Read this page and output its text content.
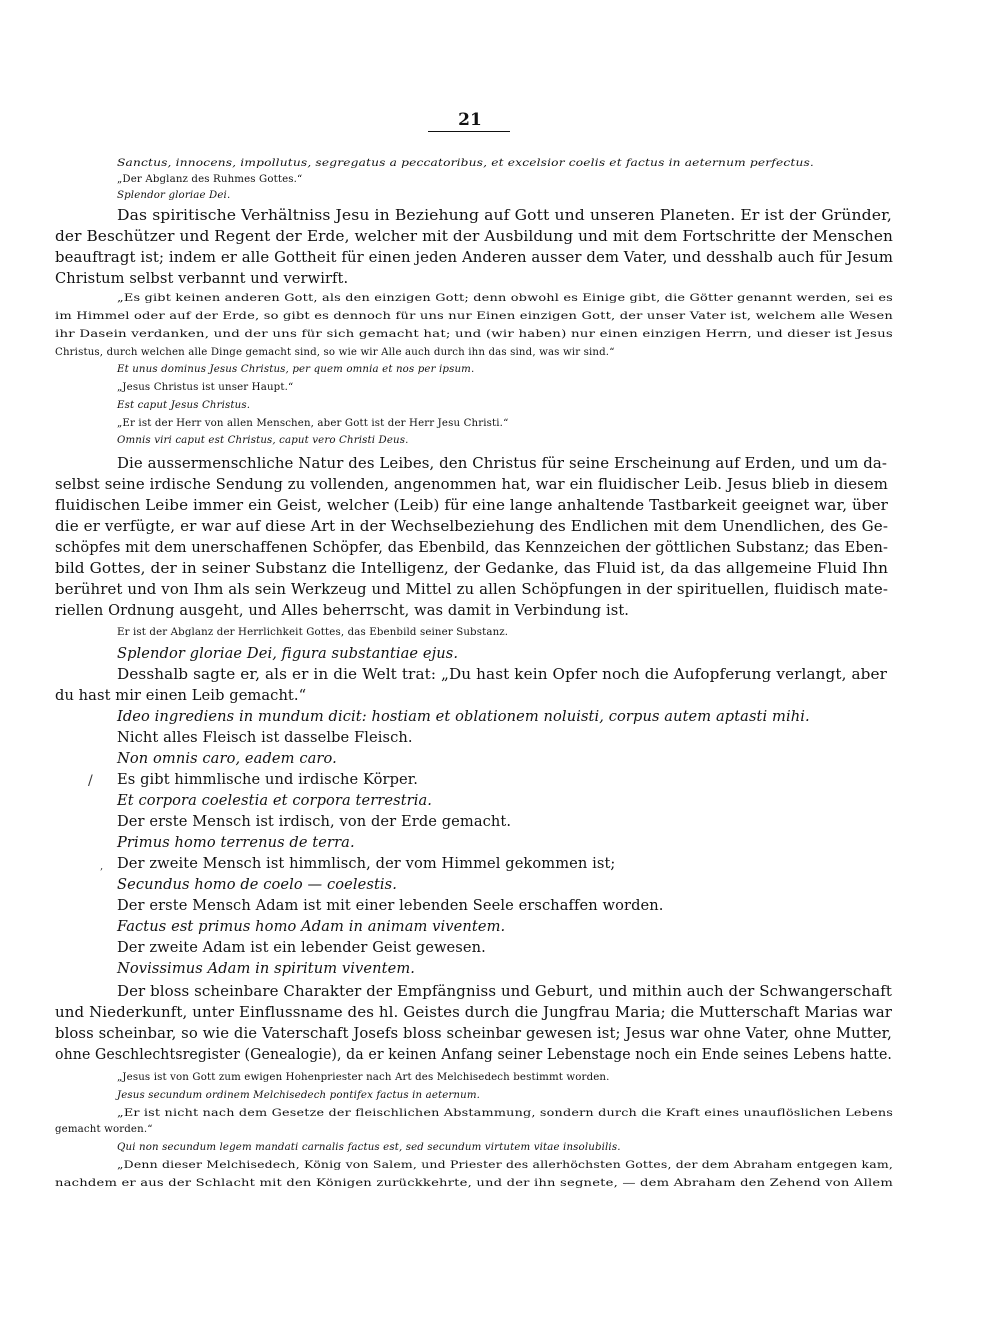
21
Sanctus, innocens, impollutus, segregatus a peccatoribus, et excelsior coelis et factus in aeternum perfectus.
„Der Abglanz des Ruhmes Gottes.“
Splendor gloriae Dei.
Das spiritische Verhältniss Jesu in Beziehung auf Gott und unseren Planeten. Er ist der Gründer,
der Beschützer und Regent der Erde, welcher mit der Ausbildung und mit dem Fortschritte der Menschen
beauftragt ist; indem er alle Gottheit für einen jeden Anderen ausser dem Vater, und desshalb auch für Jesum
Christum selbst verbannt und verwirft.
„Es gibt keinen anderen Gott, als den einzigen Gott; denn obwohl es Einige gibt, die Götter genannt werden, sei es
im Himmel oder auf der Erde, so gibt es dennoch für uns nur Einen einzigen Gott, der unser Vater ist, welchem alle Wesen
ihr Dasein verdanken, und der uns für sich gemacht hat; und (wir haben) nur einen einzigen Herrn, und dieser ist Jesus
Christus, durch welchen alle Dinge gemacht sind, so wie wir Alle auch durch ihn das sind, was wir sind.“
Et unus dominus Jesus Christus, per quem omnia et nos per ipsum.
„Jesus Christus ist unser Haupt.“
Est caput Jesus Christus.
„Er ist der Herr von allen Menschen, aber Gott ist der Herr Jesu Christi.“
Omnis viri caput est Christus, caput vero Christi Deus.
Die aussermenschliche Natur des Leibes, den Christus für seine Erscheinung auf Erden, und um da-
selbst seine irdische Sendung zu vollenden, angenommen hat, war ein fluidischer Leib. Jesus blieb in diesem
fluidischen Leibe immer ein Geist, welcher (Leib) für eine lange anhaltende Tastbarkeit geeignet war, über
die er verfügte, er war auf diese Art in der Wechselbeziehung des Endlichen mit dem Unendlichen, des Ge-
schöpfes mit dem unerschaffenen Schöpfer, das Ebenbild, das Kennzeichen der göttlichen Substanz; das Eben-
bild Gottes, der in seiner Substanz die Intelligenz, der Gedanke, das Fluid ist, da das allgemeine Fluid Ihn
berühret und von Ihm als sein Werkzeug und Mittel zu allen Schöpfungen in der spirituellen, fluidisch mate-
riellen Ordnung ausgeht, und Alles beherrscht, was damit in Verbindung ist.
Er ist der Abglanz der Herrlichkeit Gottes, das Ebenbild seiner Substanz.
Splendor gloriae Dei, figura substantiae ejus.
Desshalb sagte er, als er in die Welt trat: „Du hast kein Opfer noch die Aufopferung verlangt, aber
du hast mir einen Leib gemacht.“
Ideo ingrediens in mundum dicit: hostiam et oblationem noluisti, corpus autem aptasti mihi.
Nicht alles Fleisch ist dasselbe Fleisch.
Non omnis caro, eadem caro.
Es gibt himmlische und irdische Körper.
Et corpora coelestia et corpora terrestria.
Der erste Mensch ist irdisch, von der Erde gemacht.
Primus homo terrenus de terra.
Der zweite Mensch ist himmlisch, der vom Himmel gekommen ist;
Secundus homo de coelo — coelestis.
Der erste Mensch Adam ist mit einer lebenden Seele erschaffen worden.
Factus est primus homo Adam in animam viventem.
Der zweite Adam ist ein lebender Geist gewesen.
Novissimus Adam in spiritum viventem.
Der bloss scheinbare Charakter der Empfängniss und Geburt, und mithin auch der Schwangerschaft
und Niederkunft, unter Einflussname des hl. Geistes durch die Jungfrau Maria; die Mutterschaft Marias war
bloss scheinbar, so wie die Vaterschaft Josefs bloss scheinbar gewesen ist; Jesus war ohne Vater, ohne Mutter,
ohne Geschlechtsregister (Genealogie), da er keinen Anfang seiner Lebenstage noch ein Ende seines Lebens hatte.
„Jesus ist von Gott zum ewigen Hohenpriester nach Art des Melchisedech bestimmt worden.
Jesus secundum ordinem Melchisedech pontifex factus in aeternum.
„Er ist nicht nach dem Gesetze der fleischlichen Abstammung, sondern durch die Kraft eines unauflöslichen Lebens
gemacht worden.“
Qui non secundum legem mandati carnalis factus est, sed secundum virtutem vitae insolubilis.
„Denn dieser Melchisedech, König von Salem, und Priester des allerhöchsten Gottes, der dem Abraham entgegen kam,
nachdem er aus der Schlacht mit den Königen zurückkehrte, und der ihn segnete, — dem Abraham den Zehend von Allem
/
,
